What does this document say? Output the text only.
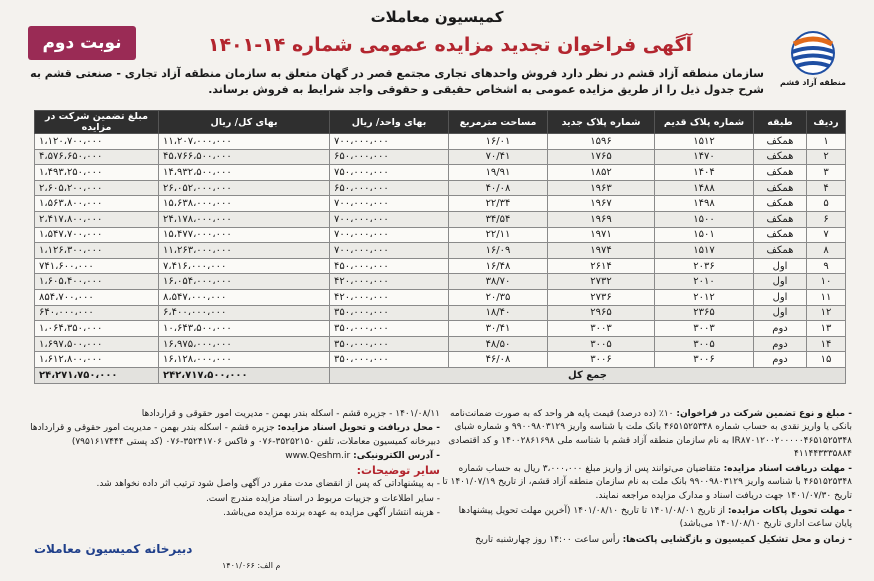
نوبت دوم
منطقه آزاد قشم
کمیسیون معاملات
آگهی فراخوان تجدید مزایده عمومی شماره ۱۴-۱۴۰۱
سازمان منطقه آزاد قشم در نظر دارد فروش واحدهای تجاری مجتمع قصر در گهان متعلق به سازمان منطقه آزاد تجاری - صنعتی قشم به شرح جدول ذیل را از طریق مزایده عمومی به اشخاص حقیقی و حقوقی واجد شرایط به فروش برساند.
ردیف	طبقه	شماره پلاک قدیم	شماره پلاک جدید	مساحت مترمربع	بهای واحد/ ریال	بهای کل/ ریال	مبلغ تضمین شرکت در مزایده
۱	همکف	۱۵۱۲	۱۵۹۶	۱۶/۰۱	۷۰۰،۰۰۰،۰۰۰	۱۱،۲۰۷،۰۰۰،۰۰۰	۱،۱۲۰،۷۰۰،۰۰۰
۲	همکف	۱۴۷۰	۱۷۶۵	۷۰/۴۱	۶۵۰،۰۰۰،۰۰۰	۴۵،۷۶۶،۵۰۰،۰۰۰	۴،۵۷۶،۶۵۰،۰۰۰
۳	همکف	۱۴۰۴	۱۸۵۲	۱۹/۹۱	۷۵۰،۰۰۰،۰۰۰	۱۴،۹۳۲،۵۰۰،۰۰۰	۱،۴۹۳،۲۵۰،۰۰۰
۴	همکف	۱۴۸۸	۱۹۶۳	۴۰/۰۸	۶۵۰،۰۰۰،۰۰۰	۲۶،۰۵۲،۰۰۰،۰۰۰	۲،۶۰۵،۲۰۰،۰۰۰
۵	همکف	۱۴۹۸	۱۹۶۷	۲۲/۳۴	۷۰۰،۰۰۰،۰۰۰	۱۵،۶۳۸،۰۰۰،۰۰۰	۱،۵۶۳،۸۰۰،۰۰۰
۶	همکف	۱۵۰۰	۱۹۶۹	۳۴/۵۴	۷۰۰،۰۰۰،۰۰۰	۲۴،۱۷۸،۰۰۰،۰۰۰	۲،۴۱۷،۸۰۰،۰۰۰
۷	همکف	۱۵۰۱	۱۹۷۱	۲۲/۱۱	۷۰۰،۰۰۰،۰۰۰	۱۵،۴۷۷،۰۰۰،۰۰۰	۱،۵۴۷،۷۰۰،۰۰۰
۸	همکف	۱۵۱۷	۱۹۷۴	۱۶/۰۹	۷۰۰،۰۰۰،۰۰۰	۱۱،۲۶۳،۰۰۰،۰۰۰	۱،۱۲۶،۳۰۰،۰۰۰
۹	اول	۲۰۳۶	۲۶۱۴	۱۶/۴۸	۴۵۰،۰۰۰،۰۰۰	۷،۴۱۶،۰۰۰،۰۰۰	۷۴۱،۶۰۰،۰۰۰
۱۰	اول	۲۰۱۰	۲۷۳۲	۳۸/۷۰	۴۲۰،۰۰۰،۰۰۰	۱۶،۰۵۴،۰۰۰،۰۰۰	۱،۶۰۵،۴۰۰،۰۰۰
۱۱	اول	۲۰۱۲	۲۷۳۶	۲۰/۳۵	۴۲۰،۰۰۰،۰۰۰	۸،۵۴۷،۰۰۰،۰۰۰	۸۵۴،۷۰۰،۰۰۰
۱۲	اول	۲۳۶۵	۲۹۶۵	۱۸/۴۰	۳۵۰،۰۰۰،۰۰۰	۶،۴۰۰،۰۰۰،۰۰۰	۶۴۰،۰۰۰،۰۰۰
۱۳	دوم	۳۰۰۳	۳۰۰۳	۳۰/۴۱	۳۵۰،۰۰۰،۰۰۰	۱۰،۶۴۳،۵۰۰،۰۰۰	۱،۰۶۴،۳۵۰،۰۰۰
۱۴	دوم	۳۰۰۵	۳۰۰۵	۴۸/۵۰	۳۵۰،۰۰۰،۰۰۰	۱۶،۹۷۵،۰۰۰،۰۰۰	۱،۶۹۷،۵۰۰،۰۰۰
۱۵	دوم	۳۰۰۶	۳۰۰۶	۴۶/۰۸	۳۵۰،۰۰۰،۰۰۰	۱۶،۱۲۸،۰۰۰،۰۰۰	۱،۶۱۲،۸۰۰،۰۰۰
جمع کل						۲۴۲،۷۱۷،۵۰۰،۰۰۰	۲۴،۲۷۱،۷۵۰،۰۰۰

- مبلغ و نوع تضمین شرکت در فراخوان: ۱۰٪ (ده درصد) قیمت پایه هر واحد که به صورت ضمانت‌نامه بانکی یا واریز نقدی به حساب شماره ۴۶۵۱۵۲۵۳۴۸ بانک ملت با شناسه واریز ۹۹۰۰۹۸۰۳۱۲۹ و شماره شبای IR۸۷۰۱۲۰۰۲۰۰۰۰۰۴۶۵۱۵۲۵۳۴۸ به نام سازمان منطقه آزاد قشم با شناسه ملی ۱۴۰۰۲۸۶۱۶۹۸ و کد اقتصادی ۴۱۱۴۴۳۳۳۵۸۸۴

- مهلت دریافت اسناد مزایده: متقاضیان می‌توانند پس از واریز مبلغ ۳،۰۰۰،۰۰۰ ریال به حساب شماره ۴۶۵۱۵۲۵۳۴۸ با شناسه واریز ۹۹۰۰۹۸۰۳۱۲۹ بانک ملت به نام سازمان منطقه آزاد قشم، از تاریخ ۱۴۰۱/۰۷/۱۹ تا تاریخ ۱۴۰۱/۰۷/۳۰ جهت دریافت اسناد و مدارک مزایده مراجعه نمایند.

- مهلت تحویل پاکات مزایده: از تاریخ ۱۴۰۱/۰۸/۰۱ تا تاریخ ۱۴۰۱/۰۸/۱۰ (آخرین مهلت تحویل پیشنهادها پایان ساعت اداری تاریخ ۱۴۰۱/۰۸/۱۰ می‌باشد)

- زمان و محل تشکیل کمیسیون و بازگشایی پاکت‌ها: رأس ساعت ۱۴:۰۰ روز چهارشنبه تاریخ

۱۴۰۱/۰۸/۱۱ - جزیره قشم - اسکله بندر بهمن - مدیریت امور حقوقی و قراردادها

- محل دریافت و تحویل اسناد مزایده: جزیره قشم - اسکله بندر بهمن - مدیریت امور حقوقی و قراردادها دبیرخانه کمیسیون معاملات، تلفن ۳۵۲۵۲۱۵۰-۰۷۶ و فاکس ۳۵۲۴۱۷۰۶-۰۷۶ (کد پستی ۷۹۵۱۶۱۷۴۴۴)

- آدرس الکترونیکی: www.Qeshm.ir

سایر توضیحات:

- به پیشنهاداتی که پس از انقضای مدت مقرر در آگهی واصل شود ترتیب اثر داده نخواهد شد.

- سایر اطلاعات و جزییات مربوط در اسناد مزایده مندرج است.

- هزینه انتشار آگهی مزایده به عهده برنده مزایده می‌باشد.

دبیرخانه کمیسیون معاملات
م الف: ۱۴۰۱/۰۶۶
